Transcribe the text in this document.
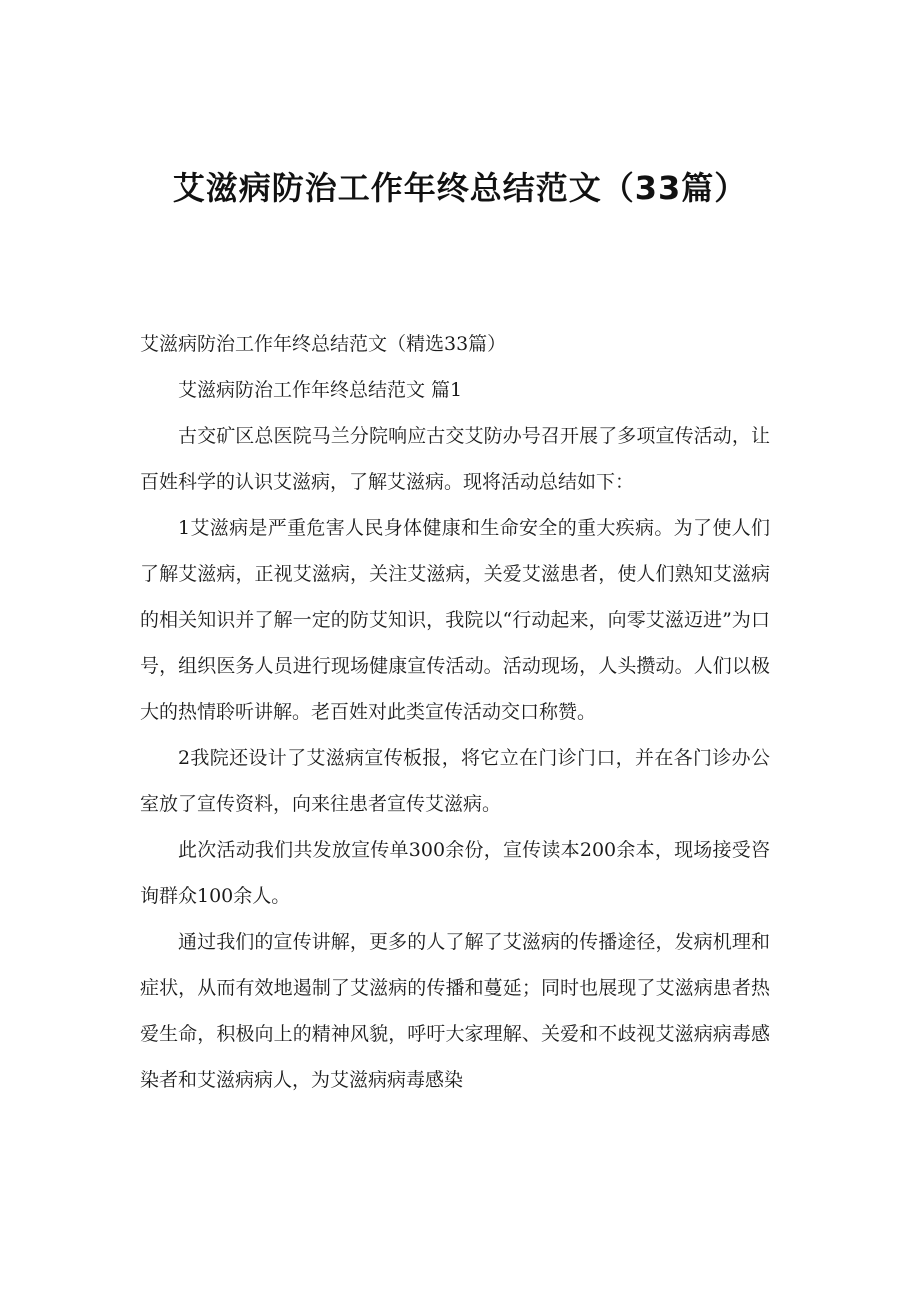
艾滋病防治工作年终总结范文（33篇）

艾滋病防治工作年终总结范文（精选33篇）

艾滋病防治工作年终总结范文 篇1

古交矿区总医院马兰分院响应古交艾防办号召开展了多项宣传活动，让百姓科学的认识艾滋病，了解艾滋病。现将活动总结如下：

1艾滋病是严重危害人民身体健康和生命安全的重大疾病。为了使人们了解艾滋病，正视艾滋病，关注艾滋病，关爱艾滋患者，使人们熟知艾滋病的相关知识并了解一定的防艾知识，我院以“行动起来，向零艾滋迈进”为口号，组织医务人员进行现场健康宣传活动。活动现场，人头攒动。人们以极大的热情聆听讲解。老百姓对此类宣传活动交口称赞。

2我院还设计了艾滋病宣传板报，将它立在门诊门口，并在各门诊办公室放了宣传资料，向来往患者宣传艾滋病。

此次活动我们共发放宣传单300余份，宣传读本200余本，现场接受咨询群众100余人。

通过我们的宣传讲解，更多的人了解了艾滋病的传播途径，发病机理和症状，从而有效地遏制了艾滋病的传播和蔓延；同时也展现了艾滋病患者热爱生命，积极向上的精神风貌，呼吁大家理解、关爱和不歧视艾滋病病毒感染者和艾滋病病人，为艾滋病病毒感染
